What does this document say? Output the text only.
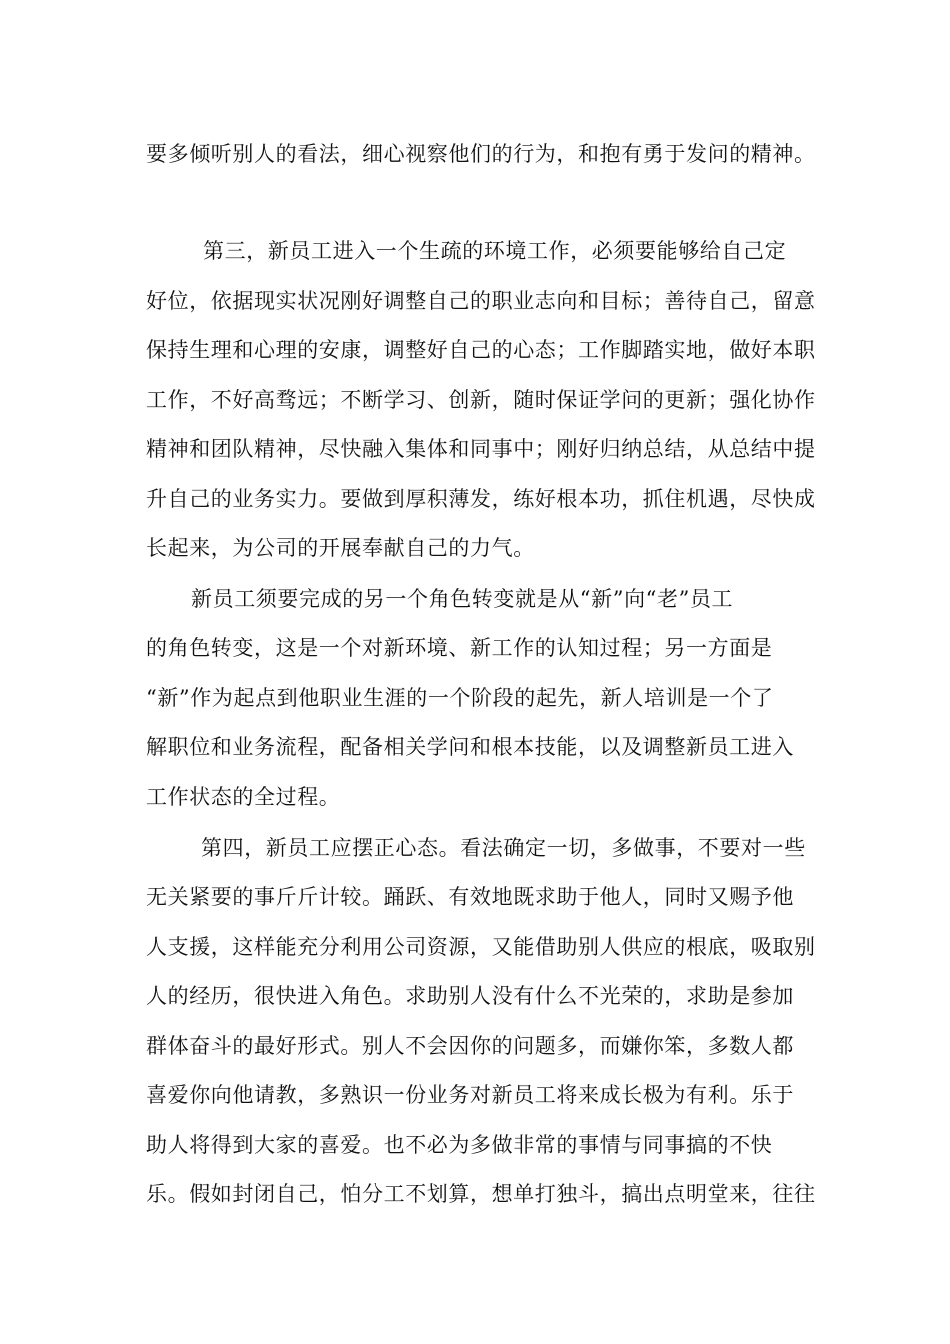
要多倾听别人的看法，细心视察他们的行为，和抱有勇于发问的精神。
第三，新员工进入一个生疏的环境工作，必须要能够给自己定
好位，依据现实状况刚好调整自己的职业志向和目标；善待自己，留意
保持生理和心理的安康，调整好自己的心态；工作脚踏实地，做好本职
工作，不好高骛远；不断学习、创新，随时保证学问的更新；强化协作
精神和团队精神，尽快融入集体和同事中；刚好归纳总结，从总结中提
升自己的业务实力。要做到厚积薄发，练好根本功，抓住机遇，尽快成
长起来，为公司的开展奉献自己的力气。
新员工须要完成的另一个角色转变就是从“新”向“老”员工
的角色转变，这是一个对新环境、新工作的认知过程；另一方面是
“新”作为起点到他职业生涯的一个阶段的起先，新人培训是一个了
解职位和业务流程，配备相关学问和根本技能，以及调整新员工进入
工作状态的全过程。
第四，新员工应摆正心态。看法确定一切，多做事，不要对一些
无关紧要的事斤斤计较。踊跃、有效地既求助于他人，同时又赐予他
人支援，这样能充分利用公司资源，又能借助别人供应的根底，吸取别
人的经历，很快进入角色。求助别人没有什么不光荣的，求助是参加
群体奋斗的最好形式。别人不会因你的问题多，而嫌你笨，多数人都
喜爱你向他请教，多熟识一份业务对新员工将来成长极为有利。乐于
助人将得到大家的喜爱。也不必为多做非常的事情与同事搞的不快
乐。假如封闭自己，怕分工不划算，想单打独斗，搞出点明堂来，往往
